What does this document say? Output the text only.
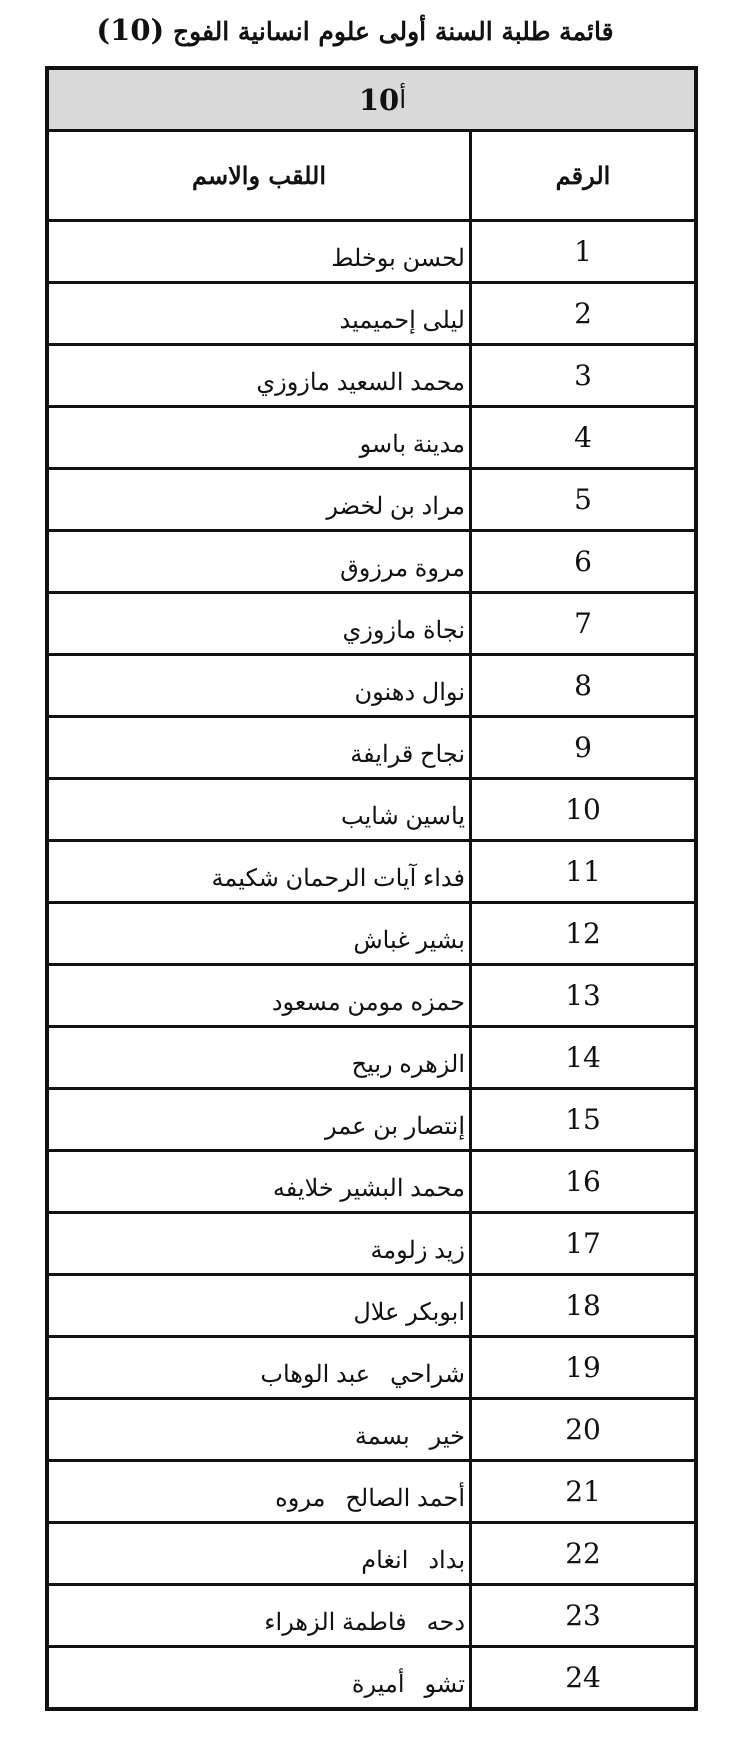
قائمة طلبة السنة أولى علوم انسانية الفوج (10)
أ
10
الرقم
اللقب والاسم
1
لحسن بوخلط
2
ليلى إحميميد
3
محمد السعيد مازوزي
4
مدينة باسو
5
مراد بن لخضر
6
مروة مرزوق
7
نجاة مازوزي
8
نوال دهنون
9
نجاح قرايفة
10
ياسين شايب
11
فداء آيات الرحمان شكيمة
12
بشير غباش
13
حمزه مومن مسعود
14
الزهره ربيح
15
إنتصار بن عمر
16
محمد البشير خلايفه
17
زيد زلومة
18
ابوبكر علال
19
شراحي   عبد الوهاب
20
خير   بسمة
21
أحمد الصالح   مروه
22
بداد   انغام
23
دحه   فاطمة الزهراء
24
تشو   أميرة
